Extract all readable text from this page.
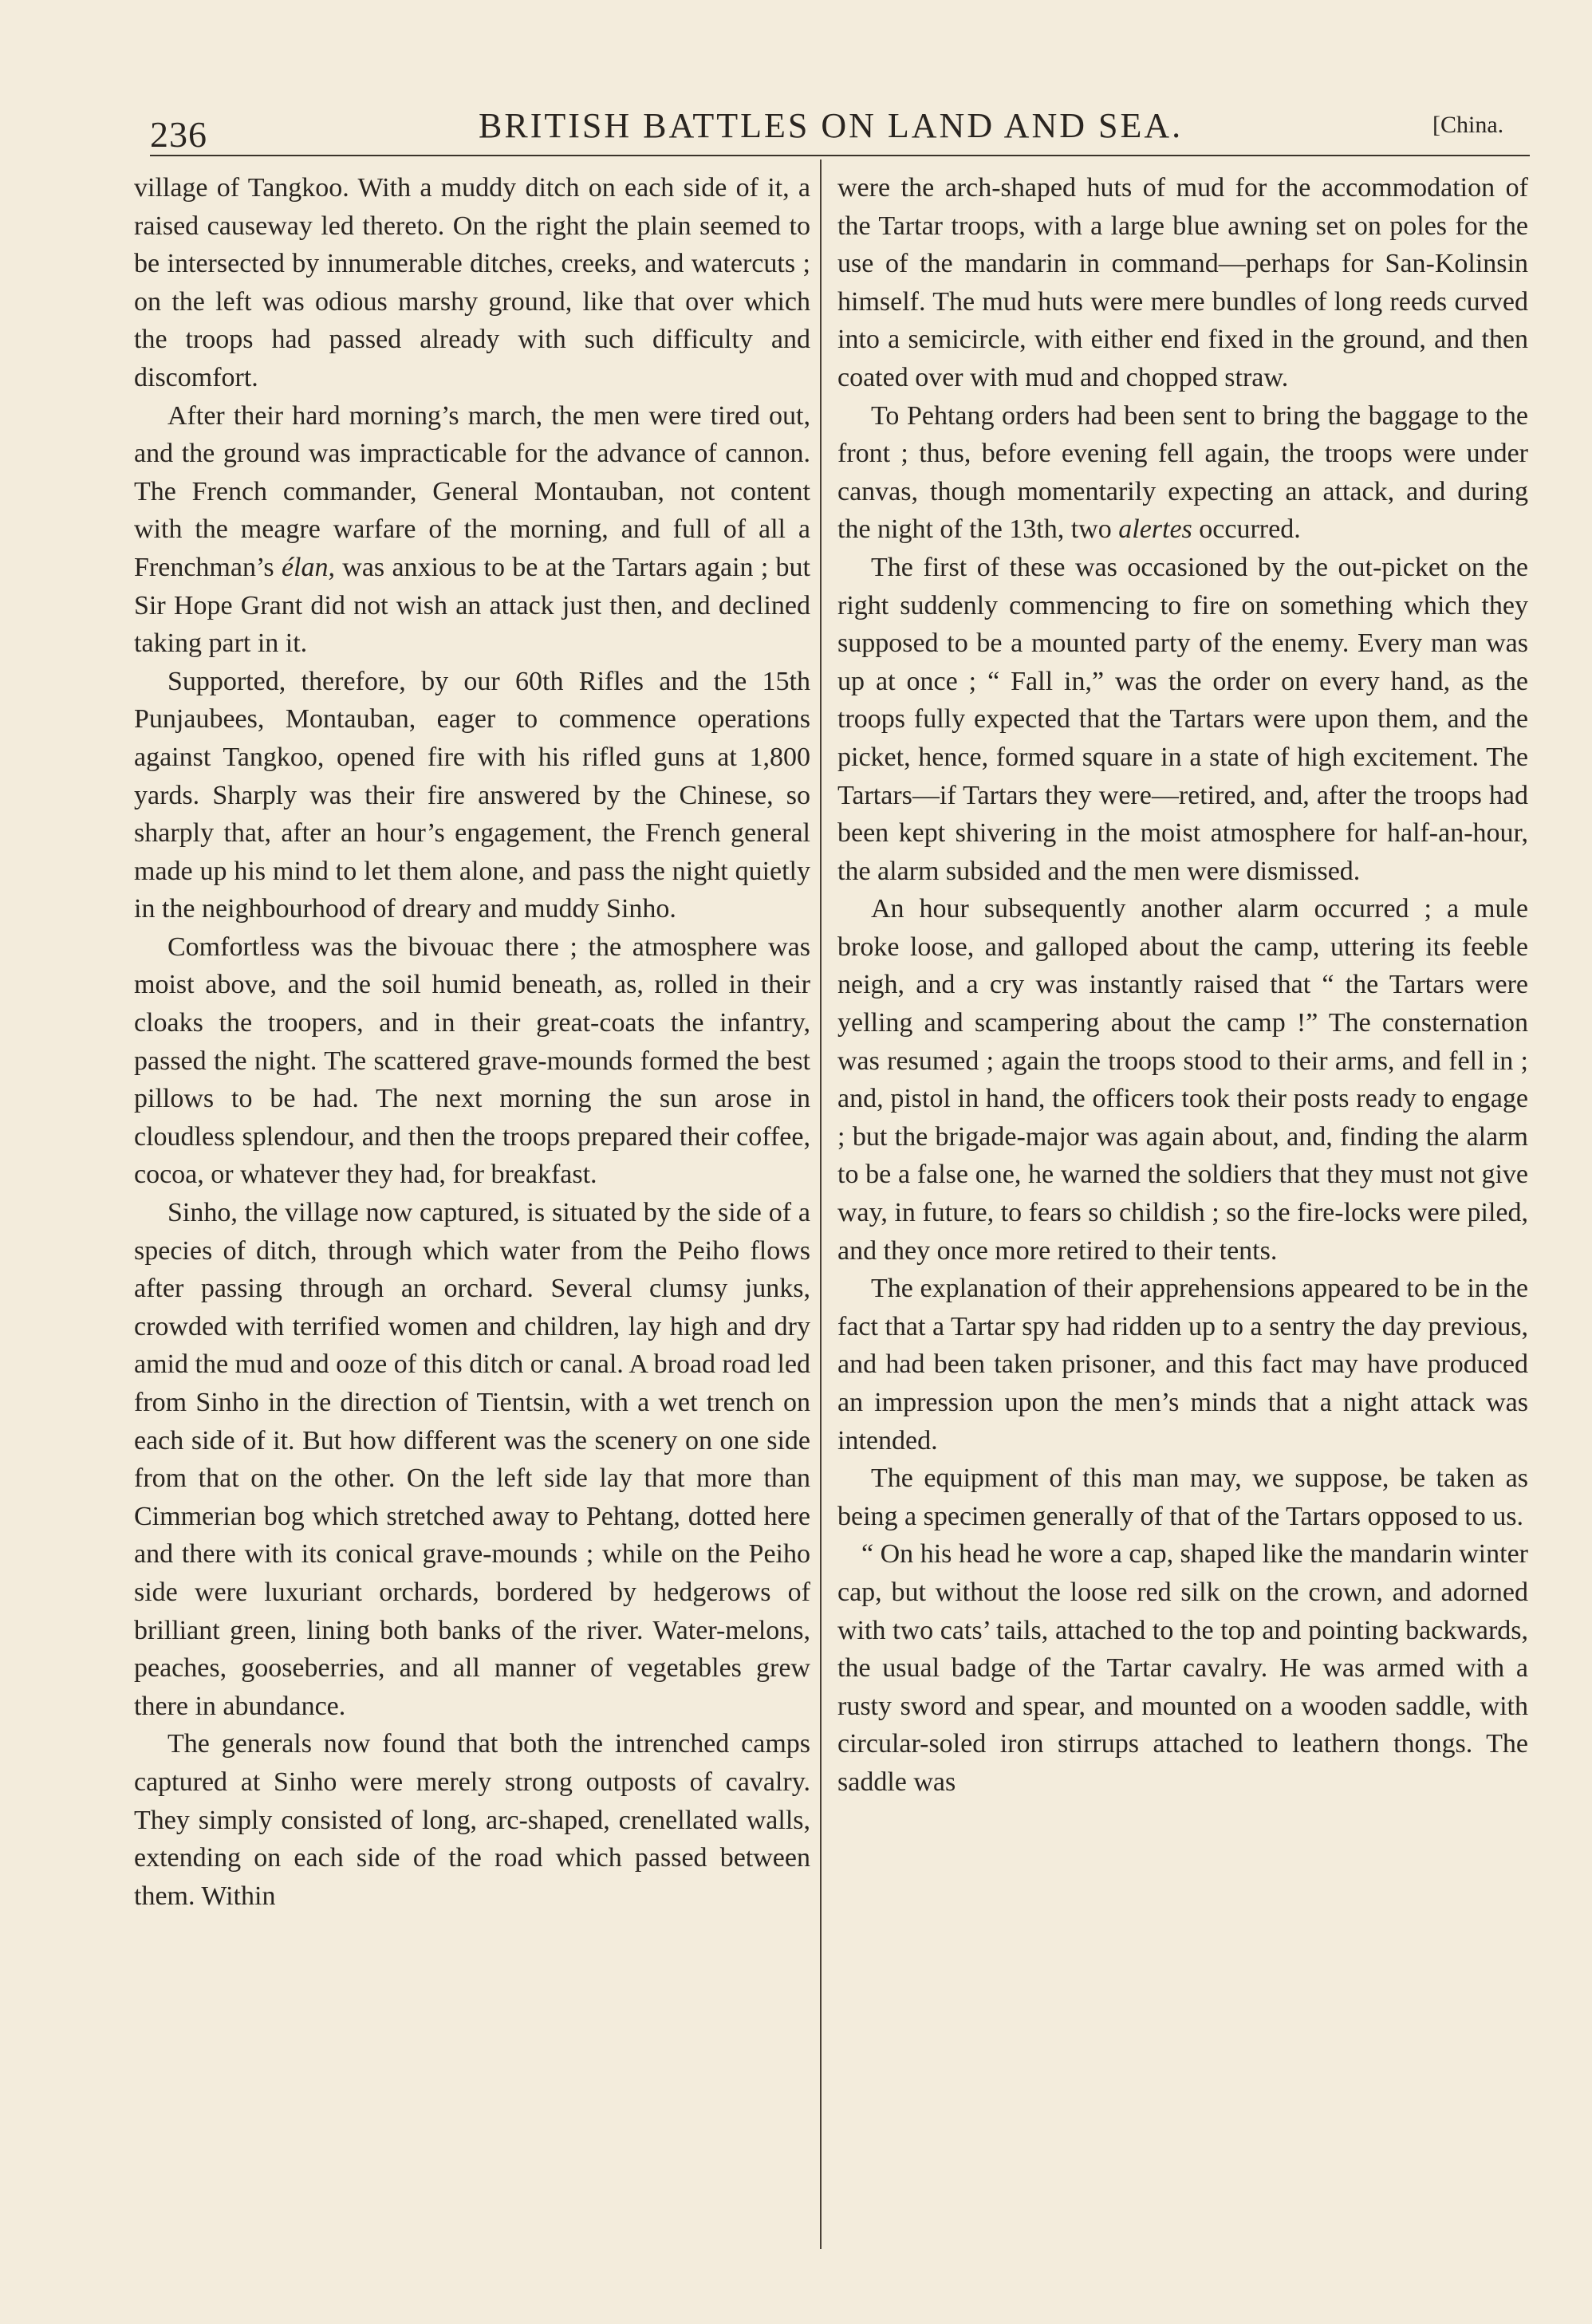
236	BRITISH BATTLES ON LAND AND SEA.	[China.

village of Tangkoo. With a muddy ditch on each side of it, a raised causeway led thereto. On the right the plain seemed to be intersected by innumerable ditches, creeks, and watercuts ; on the left was odious marshy ground, like that over which the troops had passed already with such difficulty and discomfort.

After their hard morning’s march, the men were tired out, and the ground was impracticable for the advance of cannon. The French commander, General Montauban, not content with the meagre warfare of the morning, and full of all a Frenchman’s élan, was anxious to be at the Tartars again ; but Sir Hope Grant did not wish an attack just then, and declined taking part in it.

Supported, therefore, by our 60th Rifles and the 15th Punjaubees, Montauban, eager to commence operations against Tangkoo, opened fire with his rifled guns at 1,800 yards. Sharply was their fire answered by the Chinese, so sharply that, after an hour’s engagement, the French general made up his mind to let them alone, and pass the night quietly in the neighbourhood of dreary and muddy Sinho.

Comfortless was the bivouac there ; the atmosphere was moist above, and the soil humid beneath, as, rolled in their cloaks the troopers, and in their great-coats the infantry, passed the night. The scattered grave-mounds formed the best pillows to be had. The next morning the sun arose in cloudless splendour, and then the troops prepared their coffee, cocoa, or whatever they had, for breakfast.

Sinho, the village now captured, is situated by the side of a species of ditch, through which water from the Peiho flows after passing through an orchard. Several clumsy junks, crowded with terrified women and children, lay high and dry amid the mud and ooze of this ditch or canal. A broad road led from Sinho in the direction of Tientsin, with a wet trench on each side of it. But how different was the scenery on one side from that on the other. On the left side lay that more than Cimmerian bog which stretched away to Pehtang, dotted here and there with its conical grave-mounds ; while on the Peiho side were luxuriant orchards, bordered by hedgerows of brilliant green, lining both banks of the river. Water-melons, peaches, gooseberries, and all manner of vegetables grew there in abundance.

The generals now found that both the intrenched camps captured at Sinho were merely strong outposts of cavalry. They simply consisted of long, arc-shaped, crenellated walls, extending on each side of the road which passed between them. Within

were the arch-shaped huts of mud for the accommodation of the Tartar troops, with a large blue awning set on poles for the use of the mandarin in command—perhaps for San-Kolinsin himself. The mud huts were mere bundles of long reeds curved into a semicircle, with either end fixed in the ground, and then coated over with mud and chopped straw.

To Pehtang orders had been sent to bring the baggage to the front ; thus, before evening fell again, the troops were under canvas, though momentarily expecting an attack, and during the night of the 13th, two alertes occurred.

The first of these was occasioned by the out-picket on the right suddenly commencing to fire on something which they supposed to be a mounted party of the enemy. Every man was up at once ; “ Fall in,” was the order on every hand, as the troops fully expected that the Tartars were upon them, and the picket, hence, formed square in a state of high excitement. The Tartars—if Tartars they were—retired, and, after the troops had been kept shivering in the moist atmosphere for half-an-hour, the alarm subsided and the men were dismissed.

An hour subsequently another alarm occurred ; a mule broke loose, and galloped about the camp, uttering its feeble neigh, and a cry was instantly raised that “ the Tartars were yelling and scampering about the camp !” The consternation was resumed ; again the troops stood to their arms, and fell in ; and, pistol in hand, the officers took their posts ready to engage ; but the brigade-major was again about, and, finding the alarm to be a false one, he warned the soldiers that they must not give way, in future, to fears so childish ; so the fire-locks were piled, and they once more retired to their tents.

The explanation of their apprehensions appeared to be in the fact that a Tartar spy had ridden up to a sentry the day previous, and had been taken prisoner, and this fact may have produced an impression upon the men’s minds that a night attack was intended.

The equipment of this man may, we suppose, be taken as being a specimen generally of that of the Tartars opposed to us.

“ On his head he wore a cap, shaped like the mandarin winter cap, but without the loose red silk on the crown, and adorned with two cats’ tails, attached to the top and pointing backwards, the usual badge of the Tartar cavalry. He was armed with a rusty sword and spear, and mounted on a wooden saddle, with circular-soled iron stirrups attached to leathern thongs. The saddle was
